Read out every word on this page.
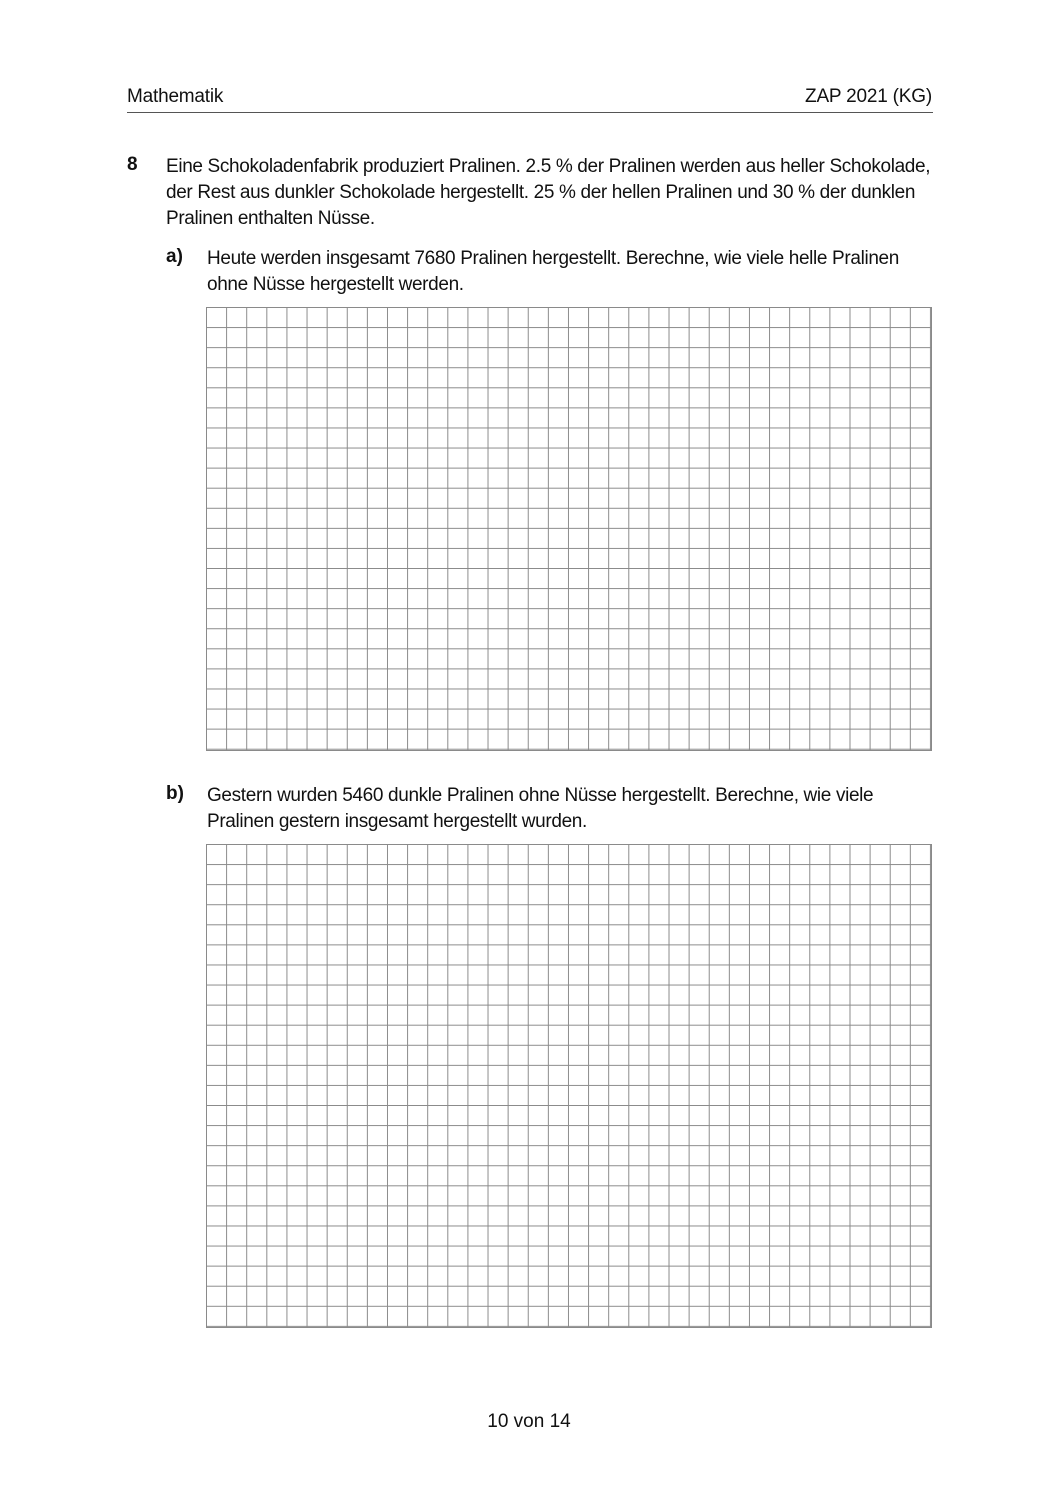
Mathematik	ZAP 2021 (KG)
8 Eine Schokoladenfabrik produziert Pralinen. 2.5 % der Pralinen werden aus heller Schokolade, der Rest aus dunkler Schokolade hergestellt. 25 % der hellen Pralinen und 30 % der dunklen Pralinen enthalten Nüsse.
a) Heute werden insgesamt 7680 Pralinen hergestellt. Berechne, wie viele helle Pralinen ohne Nüsse hergestellt werden.
b) Gestern wurden 5460 dunkle Pralinen ohne Nüsse hergestellt. Berechne, wie viele Pralinen gestern insgesamt hergestellt wurden.
10 von 14
